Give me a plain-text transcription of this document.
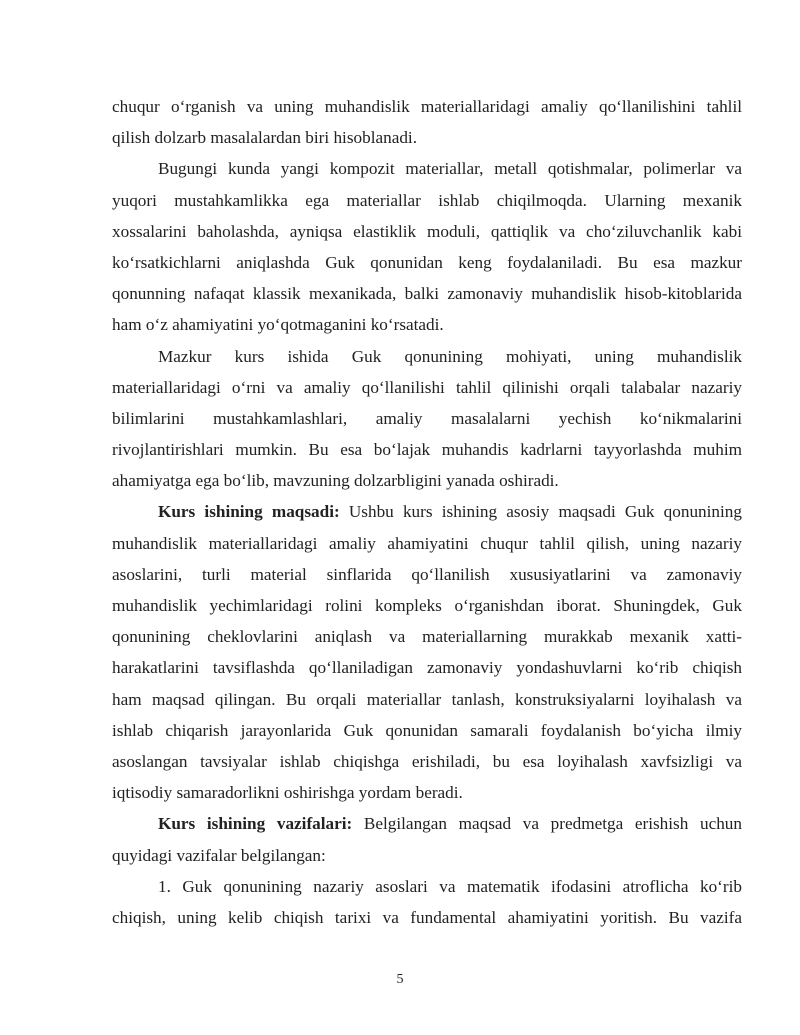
chuqur o‘rganish va uning muhandislik materiallaridagi amaliy qo‘llanilishini tahlil
qilish dolzarb masalalardan biri hisoblanadi.
Bugungi kunda yangi kompozit materiallar, metall qotishmalar, polimerlar va
yuqori mustahkamlikka ega materiallar ishlab chiqilmoqda. Ularning mexanik
xossalarini baholashda, ayniqsa elastiklik moduli, qattiqlik va cho‘ziluvchanlik kabi
ko‘rsatkichlarni aniqlashda Guk qonunidan keng foydalaniladi. Bu esa mazkur
qonunning nafaqat klassik mexanikada, balki zamonaviy muhandislik hisob-kitoblarida
ham o‘z ahamiyatini yo‘qotmaganini ko‘rsatadi.
Mazkur kurs ishida Guk qonunining mohiyati, uning muhandislik
materiallaridagi o‘rni va amaliy qo‘llanilishi tahlil qilinishi orqali talabalar nazariy
bilimlarini mustahkamlashlari, amaliy masalalarni yechish ko‘nikmalarini
rivojlantirishlari mumkin. Bu esa bo‘lajak muhandis kadrlarni tayyorlashda muhim
ahamiyatga ega bo‘lib, mavzuning dolzarbligini yanada oshiradi.
Kurs ishining maqsadi: Ushbu kurs ishining asosiy maqsadi Guk qonunining
muhandislik materiallaridagi amaliy ahamiyatini chuqur tahlil qilish, uning nazariy
asoslarini, turli material sinflarida qo‘llanilish xususiyatlarini va zamonaviy
muhandislik yechimlaridagi rolini kompleks o‘rganishdan iborat. Shuningdek, Guk
qonunining cheklovlarini aniqlash va materiallarning murakkab mexanik xatti-
harakatlarini tavsiflashda qo‘llaniladigan zamonaviy yondashuvlarni ko‘rib chiqish
ham maqsad qilingan. Bu orqali materiallar tanlash, konstruksiyalarni loyihalash va
ishlab chiqarish jarayonlarida Guk qonunidan samarali foydalanish bo‘yicha ilmiy
asoslangan tavsiyalar ishlab chiqishga erishiladi, bu esa loyihalash xavfsizligi va
iqtisodiy samaradorlikni oshirishga yordam beradi.
Kurs ishining vazifalari: Belgilangan maqsad va predmetga erishish uchun
quyidagi vazifalar belgilangan:
1. Guk qonunining nazariy asoslari va matematik ifodasini atroflicha ko‘rib
chiqish, uning kelib chiqish tarixi va fundamental ahamiyatini yoritish. Bu vazifa
5
